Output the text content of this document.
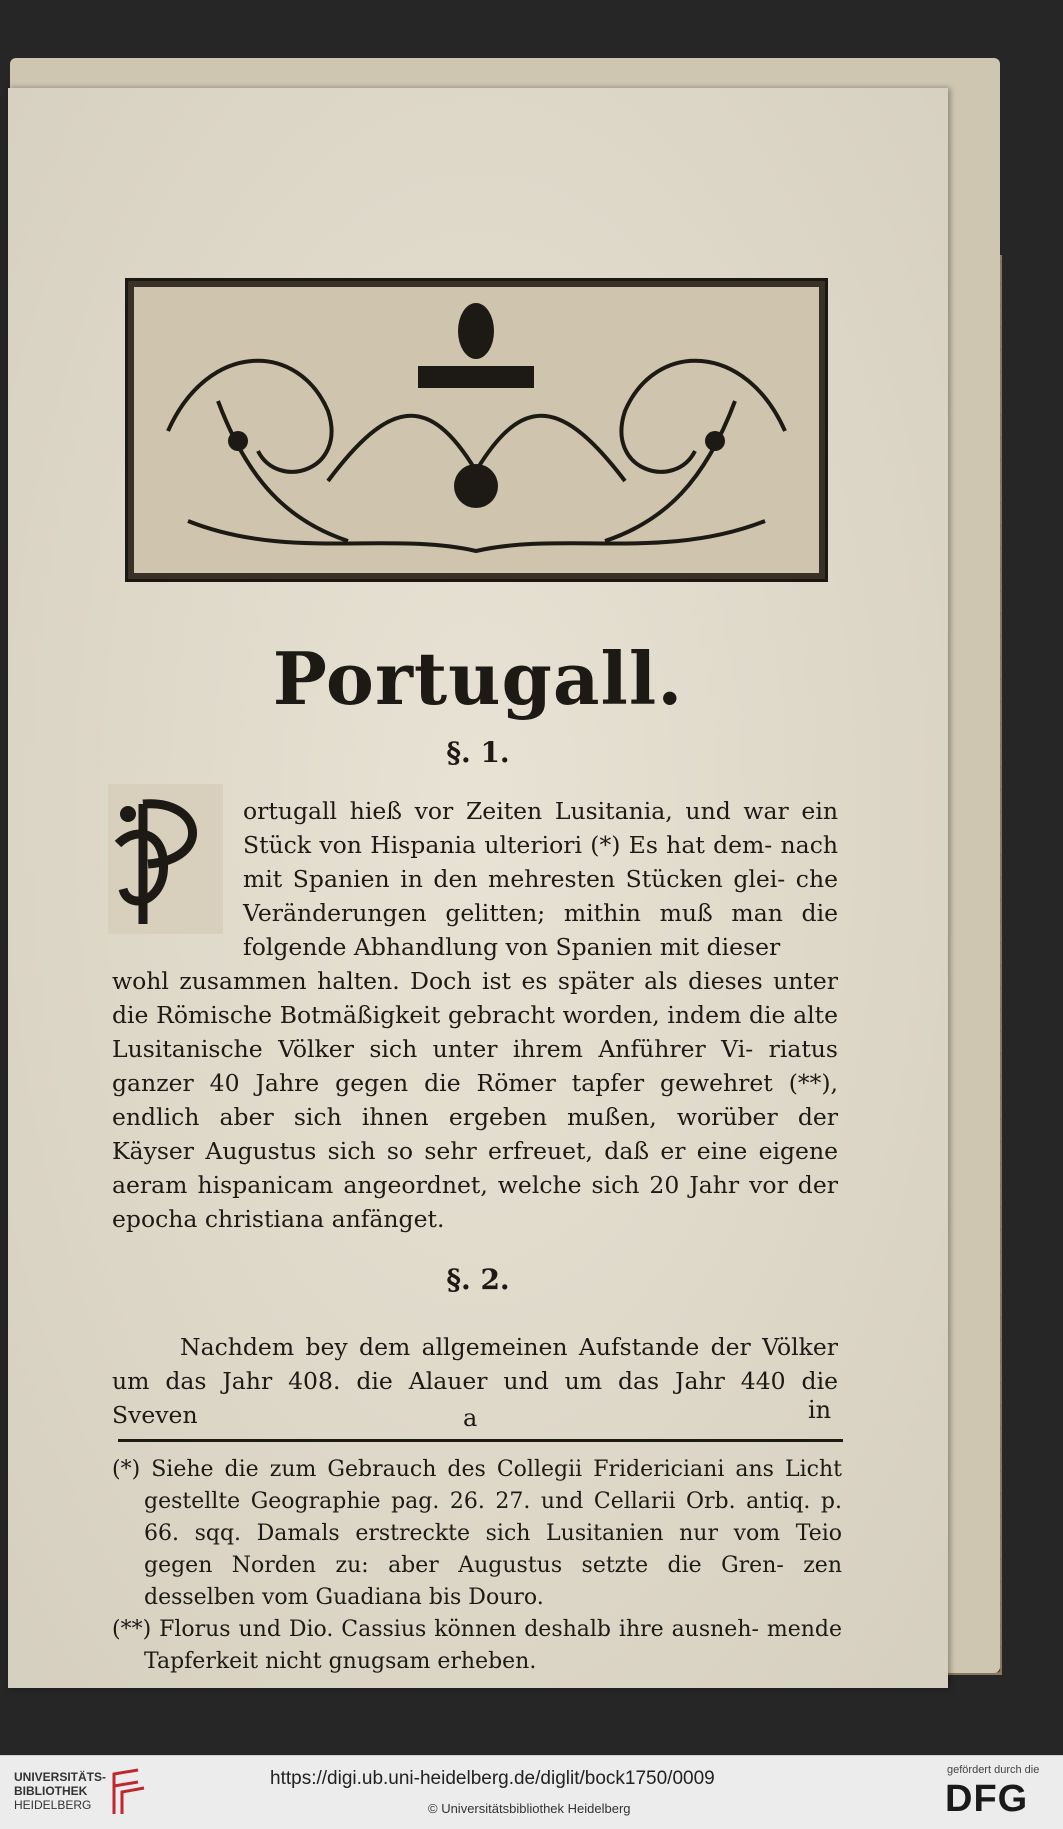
Portugall.
§. 1.
ortugall hieß vor Zeiten Lusitania, und war ein Stück von Hispania ulteriori (*) Es hat dem- nach mit Spanien in den mehresten Stücken glei- che Veränderungen gelitten; mithin muß man die folgende Abhandlung von Spanien mit dieser
wohl zusammen halten. Doch ist es später als dieses unter die Römische Botmäßigkeit gebracht worden, indem die alte Lusitanische Völker sich unter ihrem Anführer Vi- riatus ganzer 40 Jahre gegen die Römer tapfer gewehret (**), endlich aber sich ihnen ergeben mußen, worüber der Käyser Augustus sich so sehr erfreuet, daß er eine eigene aeram hispanicam angeordnet, welche sich 20 Jahr vor der epocha christiana anfänget.
§. 2.
Nachdem bey dem allgemeinen Aufstande der Völker um das Jahr 408. die Alauer und um das Jahr 440 die Sveven	a	in
(*) Siehe die zum Gebrauch des Collegii Fridericiani ans Licht gestellte Geographie pag. 26. 27. und Cellarii Orb. antiq. p. 66. sqq. Damals erstreckte sich Lusitanien nur vom Teio gegen Norden zu: aber Augustus setzte die Gren- zen desselben vom Guadiana bis Douro.
(**) Florus und Dio. Cassius können deshalb ihre ausneh- mende Tapferkeit nicht gnugsam erheben.
UNIVERSITÄTS-
BIBLIOTHEK
HEIDELBERG
https://digi.ub.uni-heidelberg.de/diglit/bock1750/0009
© Universitätsbibliothek Heidelberg
gefördert durch die
DFG
